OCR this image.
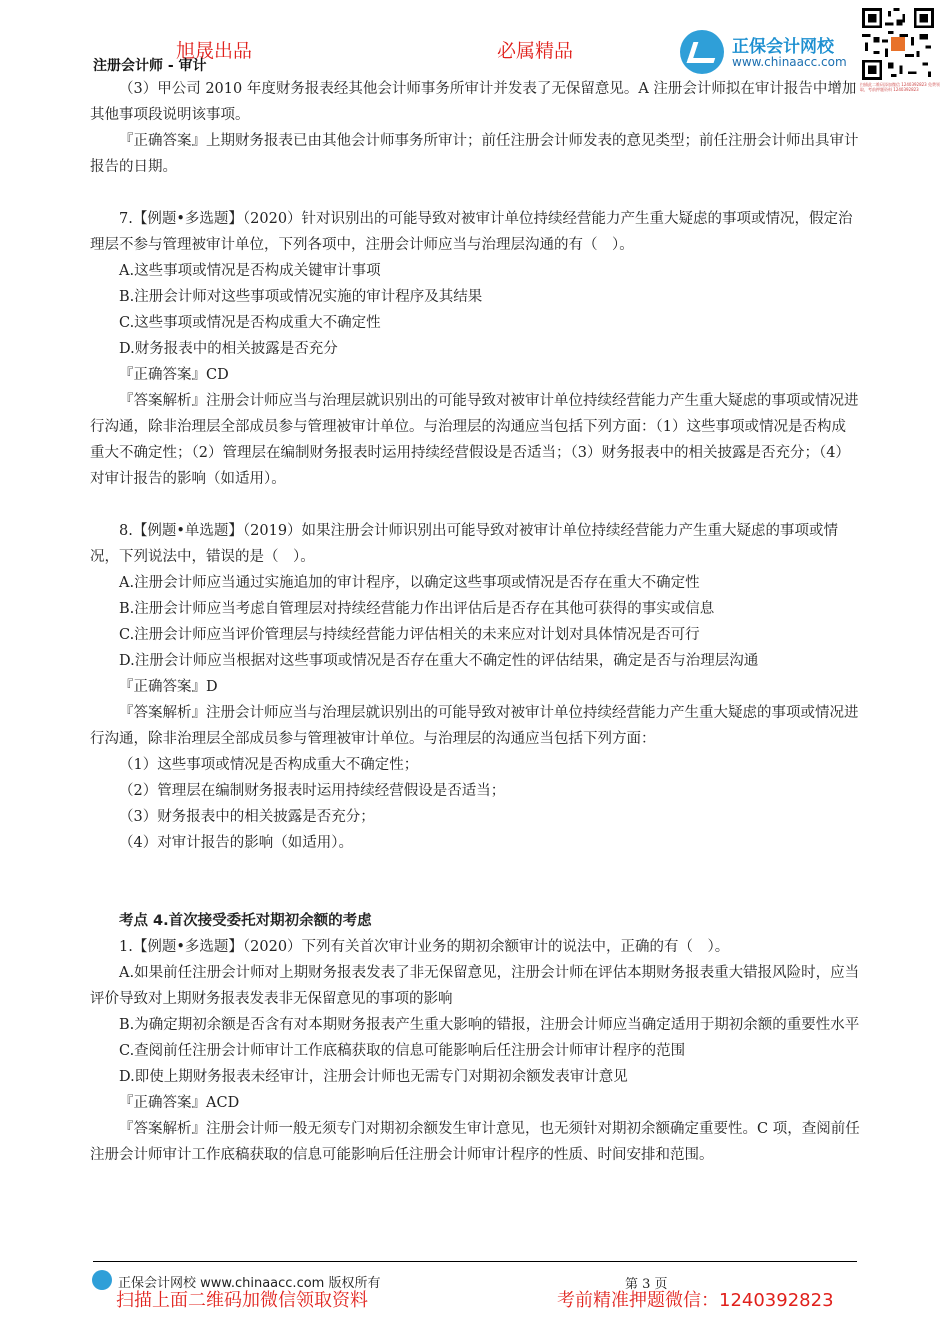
旭晟出品	必属精品
注册会计师 - 审计
正保会计网校
www.chinaacc.com
扫描此二维码添加微信 1240392823 免费领取，考前押题资料 1240392823

（3）甲公司 2010 年度财务报表经其他会计师事务所审计并发表了无保留意见。A 注册会计师拟在审计报告中增加其他事项段说明该事项。

『正确答案』上期财务报表已由其他会计师事务所审计；前任注册会计师发表的意见类型；前任注册会计师出具审计报告的日期。

7.【例题•多选题】（2020）针对识别出的可能导致对被审计单位持续经营能力产生重大疑虑的事项或情况，假定治理层不参与管理被审计单位，下列各项中，注册会计师应当与治理层沟通的有（　）。

A.这些事项或情况是否构成关键审计事项

B.注册会计师对这些事项或情况实施的审计程序及其结果

C.这些事项或情况是否构成重大不确定性

D.财务报表中的相关披露是否充分

『正确答案』CD

『答案解析』注册会计师应当与治理层就识别出的可能导致对被审计单位持续经营能力产生重大疑虑的事项或情况进行沟通，除非治理层全部成员参与管理被审计单位。与治理层的沟通应当包括下列方面：（1）这些事项或情况是否构成重大不确定性；（2）管理层在编制财务报表时运用持续经营假设是否适当；（3）财务报表中的相关披露是否充分；（4）对审计报告的影响（如适用）。

8.【例题•单选题】（2019）如果注册会计师识别出可能导致对被审计单位持续经营能力产生重大疑虑的事项或情况，下列说法中，错误的是（　）。

A.注册会计师应当通过实施追加的审计程序，以确定这些事项或情况是否存在重大不确定性

B.注册会计师应当考虑自管理层对持续经营能力作出评估后是否存在其他可获得的事实或信息

C.注册会计师应当评价管理层与持续经营能力评估相关的未来应对计划对具体情况是否可行

D.注册会计师应当根据对这些事项或情况是否存在重大不确定性的评估结果，确定是否与治理层沟通

『正确答案』D

『答案解析』注册会计师应当与治理层就识别出的可能导致对被审计单位持续经营能力产生重大疑虑的事项或情况进行沟通，除非治理层全部成员参与管理被审计单位。与治理层的沟通应当包括下列方面：

（1）这些事项或情况是否构成重大不确定性；

（2）管理层在编制财务报表时运用持续经营假设是否适当；

（3）财务报表中的相关披露是否充分；

（4）对审计报告的影响（如适用）。

考点 4.首次接受委托对期初余额的考虑

1.【例题•多选题】（2020）下列有关首次审计业务的期初余额审计的说法中，正确的有（　）。

A.如果前任注册会计师对上期财务报表发表了非无保留意见，注册会计师在评估本期财务报表重大错报风险时，应当评价导致对上期财务报表发表非无保留意见的事项的影响

B.为确定期初余额是否含有对本期财务报表产生重大影响的错报，注册会计师应当确定适用于期初余额的重要性水平

C.查阅前任注册会计师审计工作底稿获取的信息可能影响后任注册会计师审计程序的范围

D.即使上期财务报表未经审计，注册会计师也无需专门对期初余额发表审计意见

『正确答案』ACD

『答案解析』注册会计师一般无须专门对期初余额发生审计意见，也无须针对期初余额确定重要性。C 项，查阅前任注册会计师审计工作底稿获取的信息可能影响后任注册会计师审计程序的性质、时间安排和范围。

正保会计网校 www.chinaacc.com 版权所有	第 3 页
扫描上面二维码加微信领取资料	考前精准押题微信：1240392823
